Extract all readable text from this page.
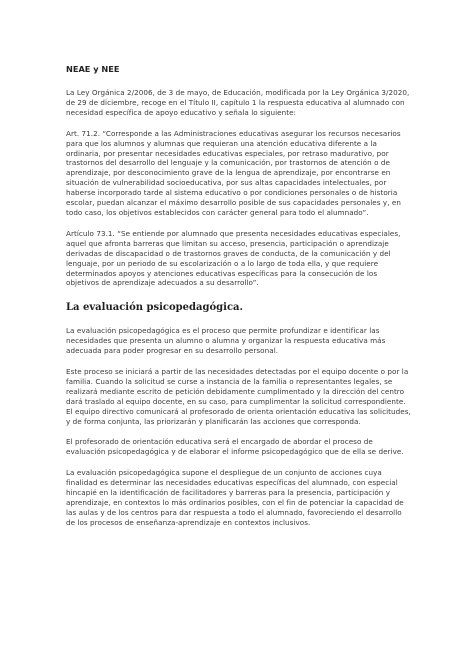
NEAE y NEE

La Ley Orgánica 2/2006, de 3 de mayo, de Educación, modificada por la Ley Orgánica 3/2020, de 29 de diciembre, recoge en el Título II, capítulo 1 la respuesta educativa al alumnado con necesidad específica de apoyo educativo y señala lo siguiente:

Art. 71.2. “Corresponde a las Administraciones educativas asegurar los recursos necesarios para que los alumnos y alumnas que requieran una atención educativa diferente a la ordinaria, por presentar necesidades educativas especiales, por retraso madurativo, por trastornos del desarrollo del lenguaje y la comunicación, por trastornos de atención o de aprendizaje, por desconocimiento grave de la lengua de aprendizaje, por encontrarse en situación de vulnerabilidad socioeducativa, por sus altas capacidades intelectuales, por haberse incorporado tarde al sistema educativo o por condiciones personales o de historia escolar, puedan alcanzar el máximo desarrollo posible de sus capacidades personales y, en todo caso, los objetivos establecidos con carácter general para todo el alumnado”.

Artículo 73.1. “Se entiende por alumnado que presenta necesidades educativas especiales, aquel que afronta barreras que limitan su acceso, presencia, participación o aprendizaje derivadas de discapacidad o de trastornos graves de conducta, de la comunicación y del lenguaje, por un periodo de su escolarización o a lo largo de toda ella, y que requiere determinados apoyos y atenciones educativas específicas para la consecución de los objetivos de aprendizaje adecuados a su desarrollo”.

La evaluación psicopedagógica.

La evaluación psicopedagógica es el proceso que permite profundizar e identificar las necesidades que presenta un alumno o alumna y organizar la respuesta educativa más adecuada para poder progresar en su desarrollo personal.

Este proceso se iniciará a partir de las necesidades detectadas por el equipo docente o por la familia. Cuando la solicitud se curse a instancia de la familia o representantes legales, se realizará mediante escrito de petición debidamente cumplimentado y la dirección del centro dará traslado al equipo docente, en su caso, para cumplimentar la solicitud correspondiente. El equipo directivo comunicará al profesorado de orienta orientación educativa las solicitudes, y de forma conjunta, las priorizarán y planificarán las acciones que corresponda.

El profesorado de orientación educativa será el encargado de abordar el proceso de evaluación psicopedagógica y de elaborar el informe psicopedagógico que de ella se derive.

La evaluación psicopedagógica supone el despliegue de un conjunto de acciones cuya finalidad es determinar las necesidades educativas específicas del alumnado, con especial hincapié en la identificación de facilitadores y barreras para la presencia, participación y aprendizaje, en contextos lo más ordinarios posibles, con el fin de potenciar la capacidad de las aulas y de los centros para dar respuesta a todo el alumnado, favoreciendo el desarrollo de los procesos de enseñanza-aprendizaje en contextos inclusivos.
